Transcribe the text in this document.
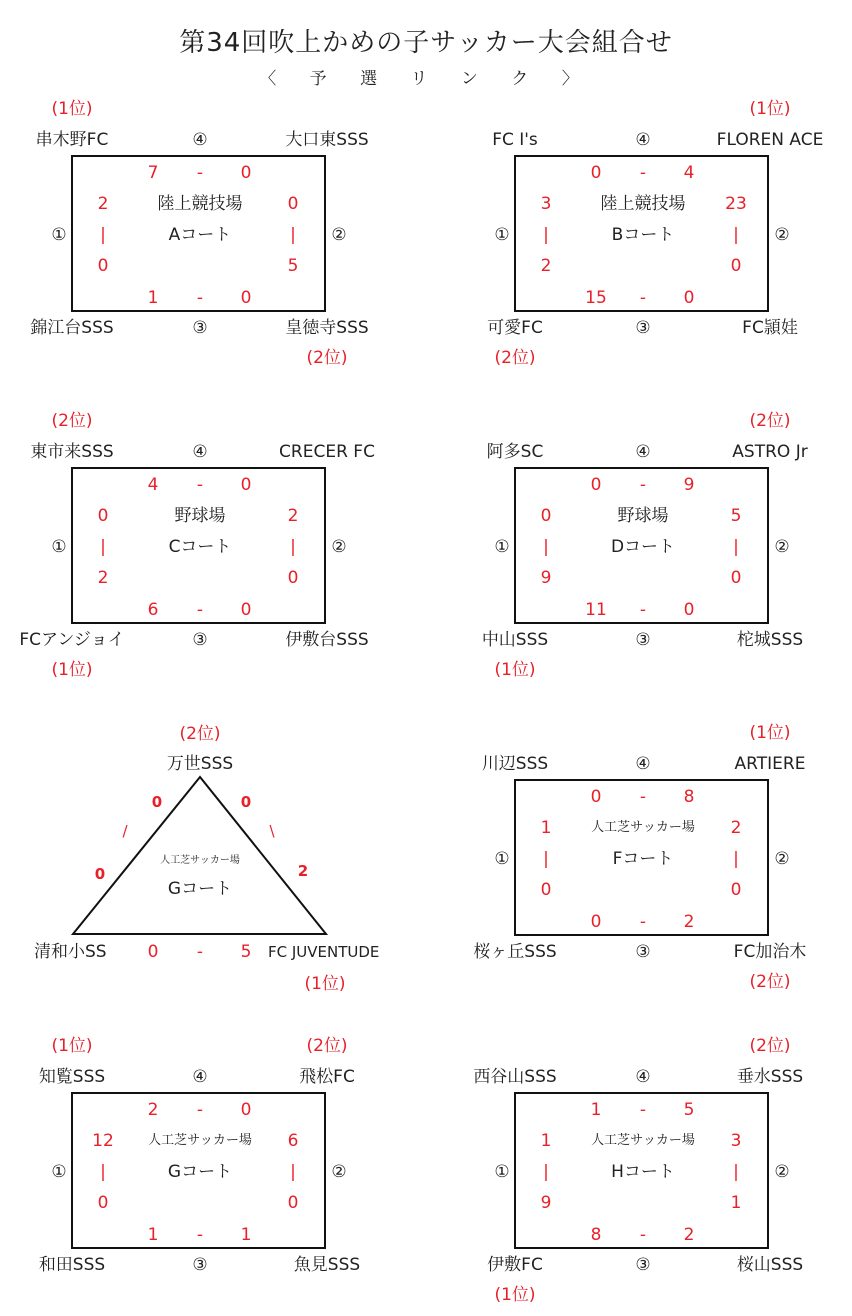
第34回吹上かめの子サッカー大会組合せ
〈 予 選 リ ン ク 〉
(1位)
(2位)
串木野FC	大口東SSS
錦江台SSS	皇徳寺SSS
④
①	②
③
陸上競技場
Aコート
7 - 0
1 - 0
2
|
0
0
|
5
(1位)
(2位)
FC I's	FLOREN ACE
可愛FC	FC頴娃
④
①	②
③
陸上競技場
Bコート
0 - 4
15 - 0
3
|
2
23
|
0
(2位)
(1位)
東市来SSS	CRECER FC
FCアンジョイ	伊敷台SSS
④
①	②
③
野球場
Cコート
4 - 0
6 - 0
0
|
2
2
|
0
(2位)
(1位)
阿多SC	ASTRO Jr
中山SSS	柁城SSS
④
①	②
③
野球場
Dコート
0 - 9
11 - 0
0
|
9
5
|
0
(2位)
万世SSS
人工芝サッカー場
Gコート
0
/
0
0
\
2
清和小SS 0 - 5 FC JUVENTUDE
(1位)
(1位)
(2位)
川辺SSS	ARTIERE
桜ヶ丘SSS	FC加治木
④
①	②
③
人工芝サッカー場
Fコート
0 - 8
0 - 2
1
|
0
2
|
0
(1位)	(2位)
知覧SSS	飛松FC
和田SSS	魚見SSS
④
①	②
③
人工芝サッカー場
Gコート
2 - 0
1 - 1
12
|
0
6
|
0
(2位)
(1位)
西谷山SSS	垂水SSS
伊敷FC	桜山SSS
④
①	②
③
人工芝サッカー場
Hコート
1 - 5
8 - 2
1
|
9
3
|
1
